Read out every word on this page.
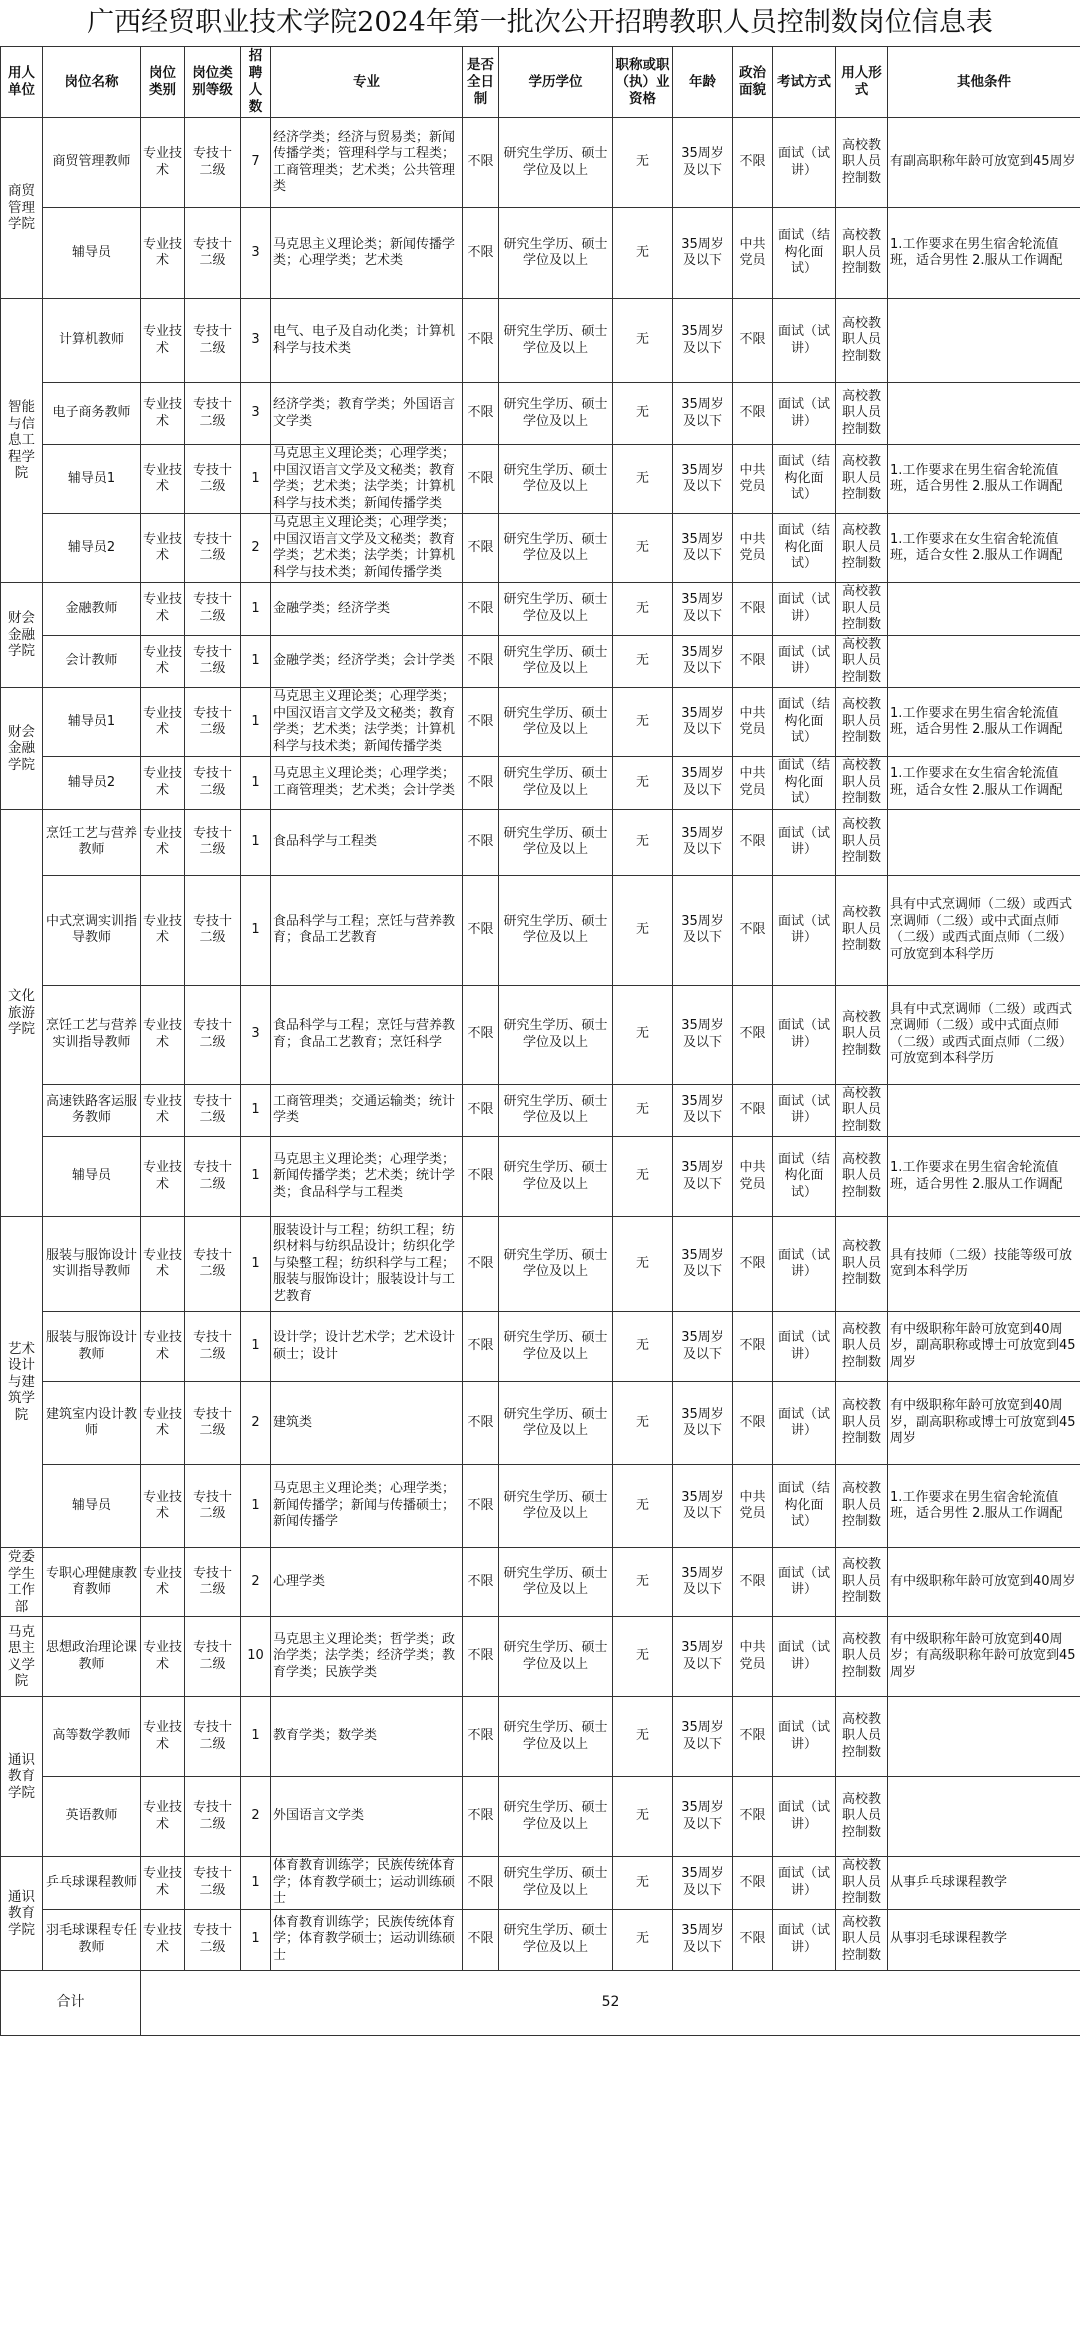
广西经贸职业技术学院2024年第一批次公开招聘教职人员控制数岗位信息表
用人单位	岗位名称	岗位类别	岗位类别等级	招聘人数	专业	是否全日制	学历学位	职称或职（执）业资格	年龄	政治面貌	考试方式	用人形式	其他条件
商贸管理学院	商贸管理教师	专业技术	专技十二级	7	经济学类；经济与贸易类；新闻传播学类；管理科学与工程类；工商管理类；艺术类；公共管理类	不限	研究生学历、硕士学位及以上	无	35周岁及以下	不限	面试（试讲）	高校教职人员控制数	有副高职称年龄可放宽到45周岁
	辅导员	专业技术	专技十二级	3	马克思主义理论类；新闻传播学类；心理学类；艺术类	不限	研究生学历、硕士学位及以上	无	35周岁及以下	中共党员	面试（结构化面试）	高校教职人员控制数	1.工作要求在男生宿舍轮流值班，适合男性 2.服从工作调配
智能与信息工程学院	计算机教师	专业技术	专技十二级	3	电气、电子及自动化类；计算机科学与技术类	不限	研究生学历、硕士学位及以上	无	35周岁及以下	不限	面试（试讲）	高校教职人员控制数	
	电子商务教师	专业技术	专技十二级	3	经济学类；教育学类；外国语言文学类	不限	研究生学历、硕士学位及以上	无	35周岁及以下	不限	面试（试讲）	高校教职人员控制数	
	辅导员1	专业技术	专技十二级	1	马克思主义理论类；心理学类；中国汉语言文学及文秘类；教育学类；艺术类；法学类；计算机科学与技术类；新闻传播学类	不限	研究生学历、硕士学位及以上	无	35周岁及以下	中共党员	面试（结构化面试）	高校教职人员控制数	1.工作要求在男生宿舍轮流值班，适合男性 2.服从工作调配
	辅导员2	专业技术	专技十二级	2	马克思主义理论类；心理学类；中国汉语言文学及文秘类；教育学类；艺术类；法学类；计算机科学与技术类；新闻传播学类	不限	研究生学历、硕士学位及以上	无	35周岁及以下	中共党员	面试（结构化面试）	高校教职人员控制数	1.工作要求在女生宿舍轮流值班，适合女性 2.服从工作调配
财会金融学院	金融教师	专业技术	专技十二级	1	金融学类；经济学类	不限	研究生学历、硕士学位及以上	无	35周岁及以下	不限	面试（试讲）	高校教职人员控制数	
	会计教师	专业技术	专技十二级	1	金融学类；经济学类；会计学类	不限	研究生学历、硕士学位及以上	无	35周岁及以下	不限	面试（试讲）	高校教职人员控制数	
财会金融学院	辅导员1	专业技术	专技十二级	1	马克思主义理论类；心理学类；中国汉语言文学及文秘类；教育学类；艺术类；法学类；计算机科学与技术类；新闻传播学类	不限	研究生学历、硕士学位及以上	无	35周岁及以下	中共党员	面试（结构化面试）	高校教职人员控制数	1.工作要求在男生宿舍轮流值班，适合男性 2.服从工作调配
	辅导员2	专业技术	专技十二级	1	马克思主义理论类；心理学类；工商管理类；艺术类；会计学类	不限	研究生学历、硕士学位及以上	无	35周岁及以下	中共党员	面试（结构化面试）	高校教职人员控制数	1.工作要求在女生宿舍轮流值班，适合女性 2.服从工作调配
文化旅游学院	烹饪工艺与营养教师	专业技术	专技十二级	1	食品科学与工程类	不限	研究生学历、硕士学位及以上	无	35周岁及以下	不限	面试（试讲）	高校教职人员控制数	
	中式烹调实训指导教师	专业技术	专技十二级	1	食品科学与工程；烹饪与营养教育；食品工艺教育	不限	研究生学历、硕士学位及以上	无	35周岁及以下	不限	面试（试讲）	高校教职人员控制数	具有中式烹调师（二级）或西式烹调师（二级）或中式面点师（二级）或西式面点师（二级）可放宽到本科学历
	烹饪工艺与营养实训指导教师	专业技术	专技十二级	3	食品科学与工程；烹饪与营养教育；食品工艺教育；烹饪科学	不限	研究生学历、硕士学位及以上	无	35周岁及以下	不限	面试（试讲）	高校教职人员控制数	具有中式烹调师（二级）或西式烹调师（二级）或中式面点师（二级）或西式面点师（二级）可放宽到本科学历
	高速铁路客运服务教师	专业技术	专技十二级	1	工商管理类；交通运输类；统计学类	不限	研究生学历、硕士学位及以上	无	35周岁及以下	不限	面试（试讲）	高校教职人员控制数	
	辅导员	专业技术	专技十二级	1	马克思主义理论类；心理学类；新闻传播学类；艺术类；统计学类；食品科学与工程类	不限	研究生学历、硕士学位及以上	无	35周岁及以下	中共党员	面试（结构化面试）	高校教职人员控制数	1.工作要求在男生宿舍轮流值班，适合男性 2.服从工作调配
艺术设计与建筑学院	服装与服饰设计实训指导教师	专业技术	专技十二级	1	服装设计与工程；纺织工程；纺织材料与纺织品设计；纺织化学与染整工程；纺织科学与工程；服装与服饰设计；服装设计与工艺教育	不限	研究生学历、硕士学位及以上	无	35周岁及以下	不限	面试（试讲）	高校教职人员控制数	具有技师（二级）技能等级可放宽到本科学历
	服装与服饰设计教师	专业技术	专技十二级	1	设计学；设计艺术学；艺术设计硕士；设计	不限	研究生学历、硕士学位及以上	无	35周岁及以下	不限	面试（试讲）	高校教职人员控制数	有中级职称年龄可放宽到40周岁，副高职称或博士可放宽到45周岁
	建筑室内设计教师	专业技术	专技十二级	2	建筑类	不限	研究生学历、硕士学位及以上	无	35周岁及以下	不限	面试（试讲）	高校教职人员控制数	有中级职称年龄可放宽到40周岁，副高职称或博士可放宽到45周岁
	辅导员	专业技术	专技十二级	1	马克思主义理论类；心理学类；新闻传播学；新闻与传播硕士；新闻传播学	不限	研究生学历、硕士学位及以上	无	35周岁及以下	中共党员	面试（结构化面试）	高校教职人员控制数	1.工作要求在男生宿舍轮流值班，适合男性 2.服从工作调配
党委学生工作部	专职心理健康教育教师	专业技术	专技十二级	2	心理学类	不限	研究生学历、硕士学位及以上	无	35周岁及以下	不限	面试（试讲）	高校教职人员控制数	有中级职称年龄可放宽到40周岁
马克思主义学院	思想政治理论课教师	专业技术	专技十二级	10	马克思主义理论类；哲学类；政治学类；法学类；经济学类；教育学类；民族学类	不限	研究生学历、硕士学位及以上	无	35周岁及以下	中共党员	面试（试讲）	高校教职人员控制数	有中级职称年龄可放宽到40周岁；有高级职称年龄可放宽到45周岁
通识教育学院	高等数学教师	专业技术	专技十二级	1	教育学类；数学类	不限	研究生学历、硕士学位及以上	无	35周岁及以下	不限	面试（试讲）	高校教职人员控制数	
	英语教师	专业技术	专技十二级	2	外国语言文学类	不限	研究生学历、硕士学位及以上	无	35周岁及以下	不限	面试（试讲）	高校教职人员控制数	
通识教育学院	乒乓球课程教师	专业技术	专技十二级	1	体育教育训练学；民族传统体育学；体育教学硕士；运动训练硕士	不限	研究生学历、硕士学位及以上	无	35周岁及以下	不限	面试（试讲）	高校教职人员控制数	从事乒乓球课程教学
	羽毛球课程专任教师	专业技术	专技十二级	1	体育教育训练学；民族传统体育学；体育教学硕士；运动训练硕士	不限	研究生学历、硕士学位及以上	无	35周岁及以下	不限	面试（试讲）	高校教职人员控制数	从事羽毛球课程教学
合计		52											
